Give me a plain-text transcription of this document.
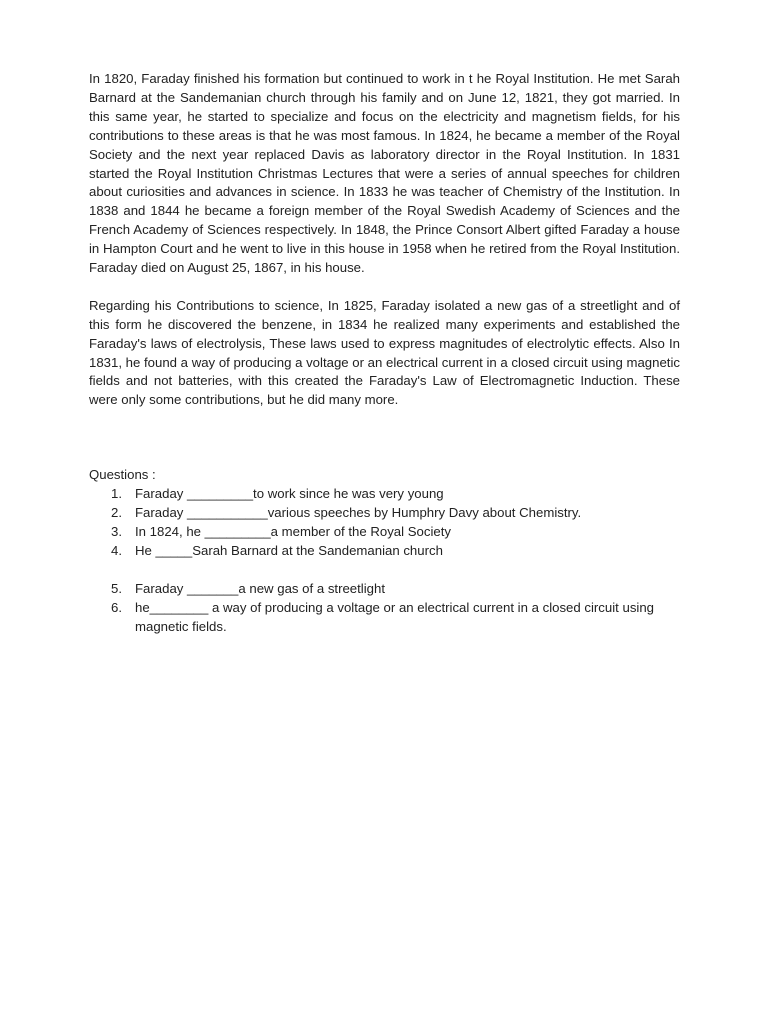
In 1820, Faraday finished his formation but continued to work in t he Royal Institution. He met Sarah Barnard at the Sandemanian church through his family and on June 12, 1821, they got married. In this same year, he started to specialize and focus on the electricity and magnetism fields, for his contributions to these areas is that he was most famous. In 1824, he became a member of the Royal Society and the next year replaced Davis as laboratory director in the Royal Institution. In 1831 started the Royal Institution Christmas Lectures that were a series of annual speeches for children about curiosities and advances in science. In 1833 he was teacher of Chemistry of the Institution. In 1838 and 1844 he became a foreign member of the Royal Swedish Academy of Sciences and the French Academy of Sciences respectively. In 1848, the Prince Consort Albert gifted Faraday a house in Hampton Court and he went to live in this house in 1958 when he retired from the Royal Institution. Faraday died on August 25, 1867, in his house.

Regarding his Contributions to science, In 1825, Faraday isolated a new gas of a streetlight and of this form he discovered the benzene, in 1834 he realized many experiments and established the Faraday's laws of electrolysis, These laws used to express magnitudes of electrolytic effects. Also In 1831, he found a way of producing a voltage or an electrical current in a closed circuit using magnetic fields and not batteries, with this created the Faraday's Law of Electromagnetic Induction. These were only some contributions, but he did many more.

Questions :

1. Faraday _________to work since he was very young
2. Faraday ___________various speeches by Humphry Davy about Chemistry.
3. In 1824, he _________a member of the Royal Society
4. He _____Sarah Barnard at the Sandemanian church
5. Faraday _______a new gas of a streetlight
6. he________ a way of producing a voltage or an electrical current in a closed circuit using magnetic fields.
